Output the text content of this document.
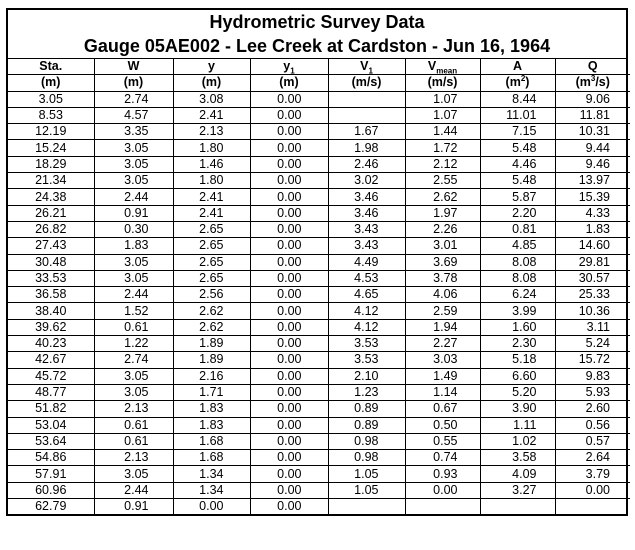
Hydrometric Survey Data
Gauge 05AE002 - Lee Creek at Cardston - Jun 16, 1964
Sta.	W	y	$y_1$	$V_1$	$V_{mean}$	A	Q
(m)	(m)	(m)	(m)	(m/s)	(m/s)	$(m^2)$	$(m^3/s)$
3.05	2.74	3.08	0.00		1.07	8.44	9.06
8.53	4.57	2.41	0.00		1.07	11.01	11.81
12.19	3.35	2.13	0.00	1.67	1.44	7.15	10.31
15.24	3.05	1.80	0.00	1.98	1.72	5.48	9.44
18.29	3.05	1.46	0.00	2.46	2.12	4.46	9.46
21.34	3.05	1.80	0.00	3.02	2.55	5.48	13.97
24.38	2.44	2.41	0.00	3.46	2.62	5.87	15.39
26.21	0.91	2.41	0.00	3.46	1.97	2.20	4.33
26.82	0.30	2.65	0.00	3.43	2.26	0.81	1.83
27.43	1.83	2.65	0.00	3.43	3.01	4.85	14.60
30.48	3.05	2.65	0.00	4.49	3.69	8.08	29.81
33.53	3.05	2.65	0.00	4.53	3.78	8.08	30.57
36.58	2.44	2.56	0.00	4.65	4.06	6.24	25.33
38.40	1.52	2.62	0.00	4.12	2.59	3.99	10.36
39.62	0.61	2.62	0.00	4.12	1.94	1.60	3.11
40.23	1.22	1.89	0.00	3.53	2.27	2.30	5.24
42.67	2.74	1.89	0.00	3.53	3.03	5.18	15.72
45.72	3.05	2.16	0.00	2.10	1.49	6.60	9.83
48.77	3.05	1.71	0.00	1.23	1.14	5.20	5.93
51.82	2.13	1.83	0.00	0.89	0.67	3.90	2.60
53.04	0.61	1.83	0.00	0.89	0.50	1.11	0.56
53.64	0.61	1.68	0.00	0.98	0.55	1.02	0.57
54.86	2.13	1.68	0.00	0.98	0.74	3.58	2.64
57.91	3.05	1.34	0.00	1.05	0.93	4.09	3.79
60.96	2.44	1.34	0.00	1.05	0.00	3.27	0.00
62.79	0.91	0.00	0.00				
